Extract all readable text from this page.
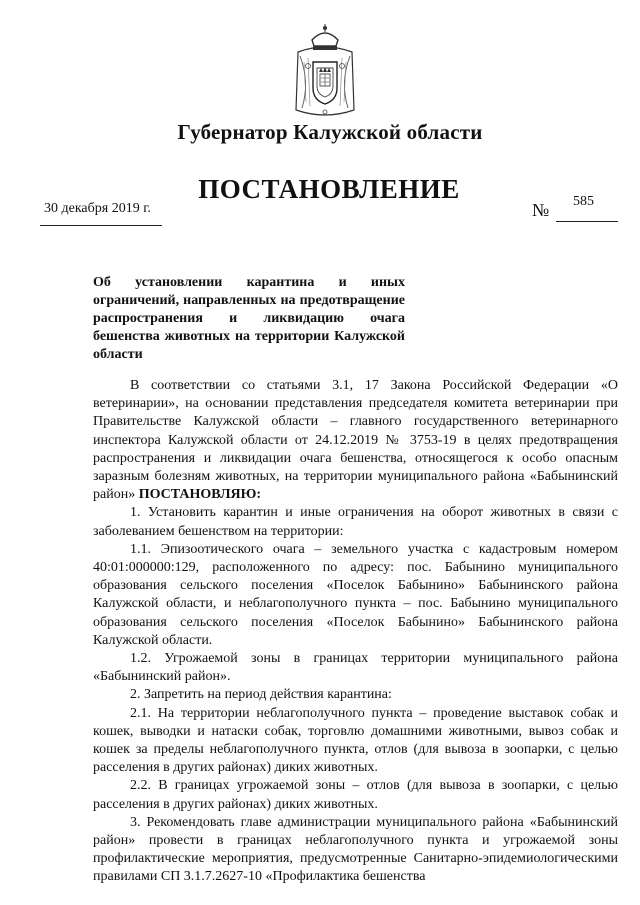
Губернатор Калужской области
ПОСТАНОВЛЕНИЕ
30 декабря 2019 г.	№ 585
Об установлении карантина и иных ограничений, направленных на предотвращение распространения и ликвидацию очага бешенства животных на территории Калужской области

В соответствии со статьями 3.1, 17 Закона Российской Федерации «О ветеринарии», на основании представления председателя комитета ветеринарии при Правительстве Калужской области – главного государственного ветеринарного инспектора Калужской области от 24.12.2019 № 3753-19 в целях предотвращения распространения и ликвидации очага бешенства, относящегося к особо опасным заразным болезням животных, на территории муниципального района «Бабынинский район» ПОСТАНОВЛЯЮ:

1. Установить карантин и иные ограничения на оборот животных в связи с заболеванием бешенством на территории:

1.1. Эпизоотического очага – земельного участка с кадастровым номером 40:01:000000:129, расположенного по адресу: пос. Бабынино муниципального образования сельского поселения «Поселок Бабынино» Бабынинского района Калужской области, и неблагополучного пункта – пос. Бабынино муниципального образования сельского поселения «Поселок Бабынино» Бабынинского района Калужской области.

1.2. Угрожаемой зоны в границах территории муниципального района «Бабынинский район».

2. Запретить на период действия карантина:

2.1. На территории неблагополучного пункта – проведение выставок собак и кошек, выводки и натаски собак, торговлю домашними животными, вывоз собак и кошек за пределы неблагополучного пункта, отлов (для вывоза в зоопарки, с целью расселения в других районах) диких животных.

2.2. В границах угрожаемой зоны – отлов (для вывоза в зоопарки, с целью расселения в других районах) диких животных.

3. Рекомендовать главе администрации муниципального района «Бабынинский район» провести в границах неблагополучного пункта и угрожаемой зоны профилактические мероприятия, предусмотренные Санитарно-эпидемиологическими правилами СП 3.1.7.2627-10 «Профилактика бешенства
